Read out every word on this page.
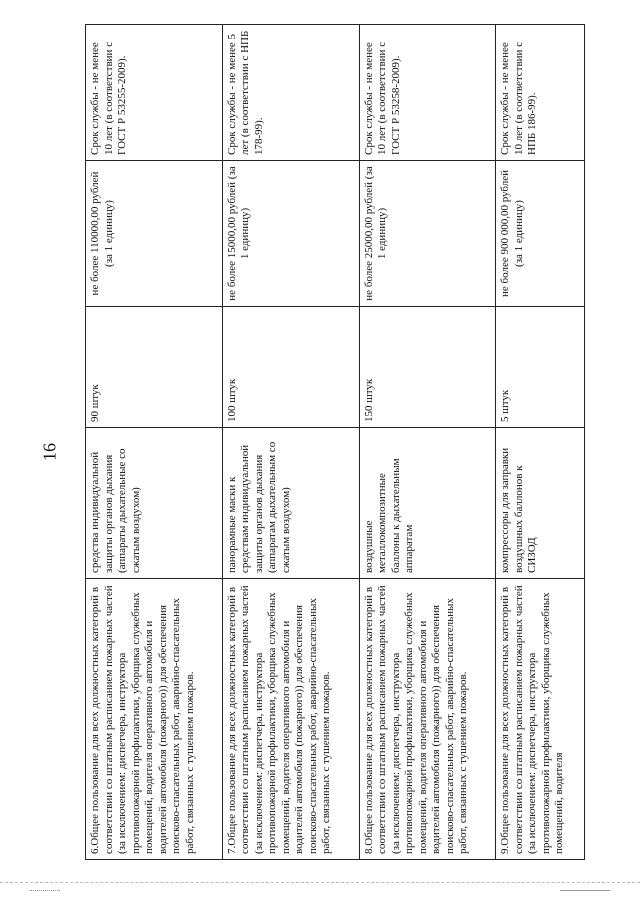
16
6.Общее пользование для всех должностных категорий в соответствии со штатным расписанием пожарных частей (за исключением: диспетчера, инструктора противопожарной профилактики, уборщика служебных помещений, водителя оперативного автомобиля и водителей автомобиля (пожарного)) для обеспечения поисково-спасательных работ, аварийно-спасательных работ, связанных с тушением пожаров.	средства индивидуальной защиты органов дыхания (аппараты дыхательные со сжатым воздухом)	90 штук	не более 110000,00 рублей (за 1 единицу)	Срок службы - не менее 10 лет (в соответствии с ГОСТ Р 53255-2009).
7.Общее пользование для всех должностных категорий в соответствии со штатным расписанием пожарных частей (за исключением: диспетчера, инструктора противопожарной профилактики, уборщика служебных помещений, водителя оперативного автомобиля и водителей автомобиля (пожарного)) для обеспечения поисково-спасательных работ, аварийно-спасательных работ, связанных с тушением пожаров.	панорамные маски к средствам индивидуальной защиты органов дыхания (аппаратам дыхательным со сжатым воздухом)	100 штук	не более 15000,00 рублей (за 1 единицу)	Срок службы - не менее 5 лет (в соответствии с НПБ 178-99).
8.Общее пользование для всех должностных категорий в соответствии со штатным расписанием пожарных частей (за исключением: диспетчера, инструктора противопожарной профилактики, уборщика служебных помещений, водителя оперативного автомобиля и водителей автомобиля (пожарного)) для обеспечения поисково-спасательных работ, аварийно-спасательных работ, связанных с тушением пожаров.	воздушные металлокомпозитные баллоны к дыхательным аппаратам	150 штук	не более 25000,00 рублей (за 1 единицу)	Срок службы - не менее 10 лет (в соответствии с ГОСТ Р 53258-2009).
9.Общее пользование для всех должностных категорий в соответствии со штатным расписанием пожарных частей (за исключением: диспетчера, инструктора противопожарной профилактики, уборщика служебных помещений, водителя	компрессоры для заправки воздушных баллонов к СИЗОД	5 штук	не более 900 000,00 рублей (за 1 единицу)	Срок службы - не менее 10 лет (в соответствии с НПБ 186-99).
